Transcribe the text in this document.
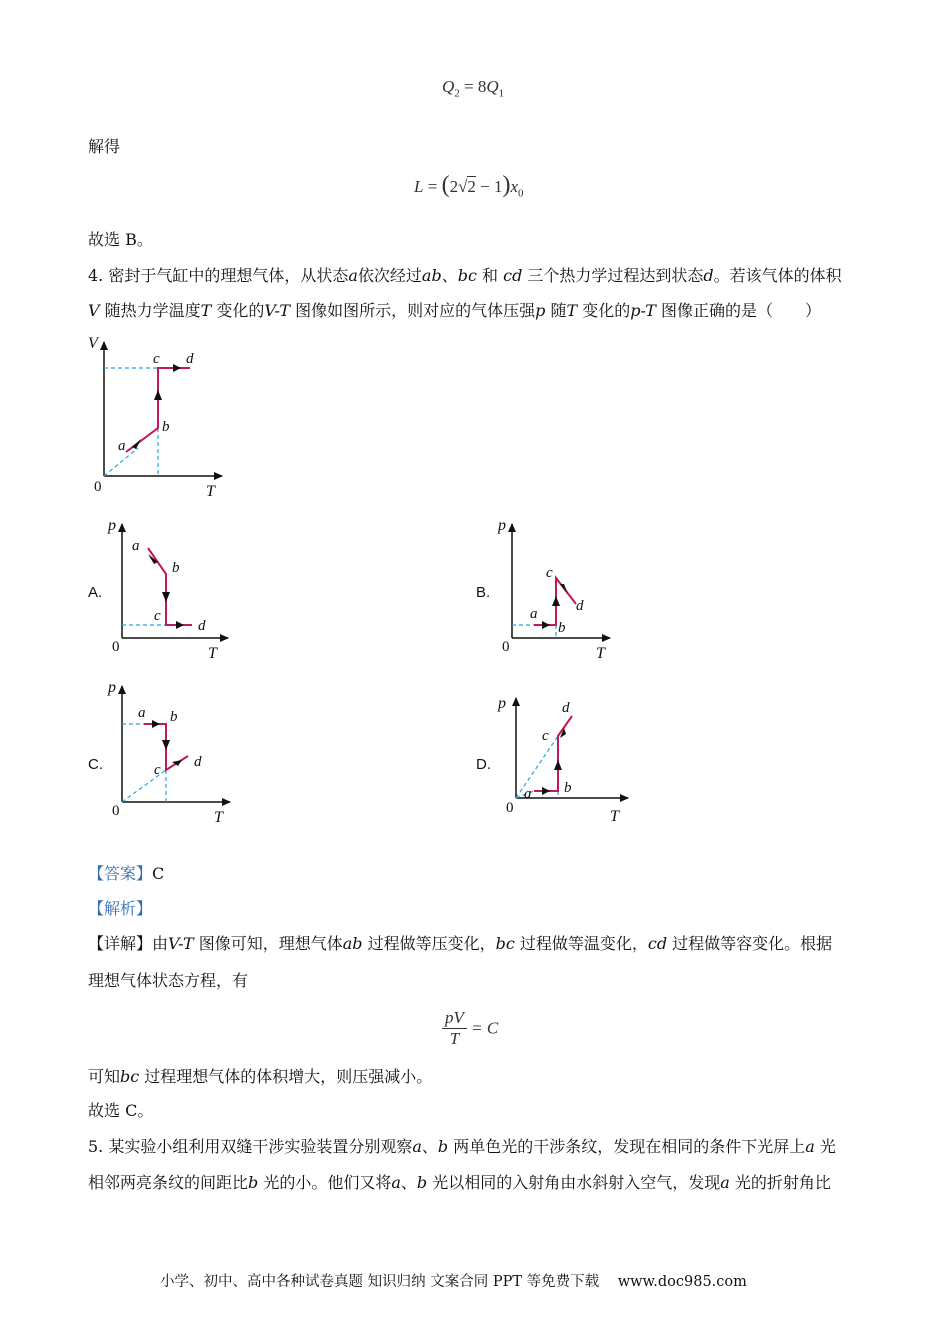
$Q_2 = 8Q_1$
解得
$L = (2√2 - 1)x_0$
故选 B。
4. 密封于气缸中的理想气体，从状态a依次经过ab、bc 和 cd 三个热力学过程达到状态d。若该气体的体积
V 随热力学温度T 变化的V-T 图像如图所示，则对应的气体压强p 随T 变化的p-T 图像正确的是（　　）
V
T
0
a
b
c d
A.
p
T
0
a
b
c
d
B.
p
T
0
a
b
c
d
C.
p
T
0
a b
c d	D.
p
T
0
a b
c
d
【答案】C
【解析】
【详解】由V-T 图像可知，理想气体ab 过程做等压变化，bc 过程做等温变化，cd 过程做等容变化。根据
理想气体状态方程，有
$\frac{pV}{T} = C$
可知bc 过程理想气体的体积增大，则压强减小。
故选 C。
5. 某实验小组利用双缝干涉实验装置分别观察a、b 两单色光的干涉条纹，发现在相同的条件下光屏上a 光
相邻两亮条纹的间距比b 光的小。他们又将a、b 光以相同的入射角由水斜射入空气，发现a 光的折射角比
小学、初中、高中各种试卷真题 知识归纳 文案合同 PPT 等免费下载 www.doc985.com
